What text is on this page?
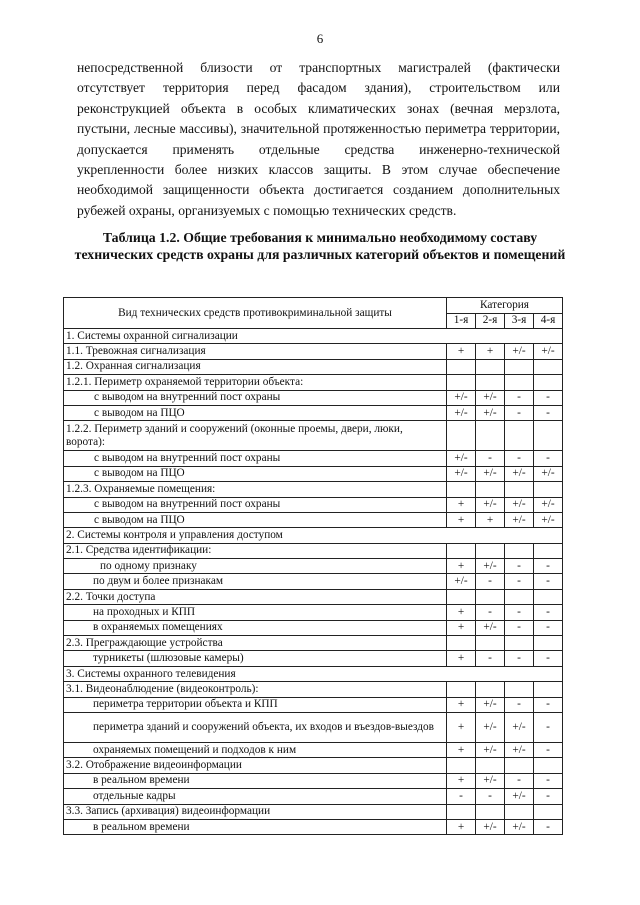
6
непосредственной близости от транспортных магистралей (фактически отсутствует территория перед фасадом здания), строительством или реконструкцией объекта в особых климатических зонах (вечная мерзлота, пустыни, лесные массивы), значительной протяженностью периметра территории, допускается применять отдельные средства инженерно-технической укрепленности более низких классов защиты. В этом случае обеспечение необходимой защищенности объекта достигается созданием дополнительных рубежей охраны, организуемых с помощью технических средств.
Таблица 1.2. Общие требования к минимально необходимому составу технических средств охраны для различных категорий объектов и помещений
Вид технических средств противокриминальной защиты	Категория			
	1-я	2-я	3-я	4-я
1. Системы охранной сигнализации				
1.1. Тревожная сигнализация	+	+	+/-	+/-
1.2. Охранная сигнализация				
1.2.1. Периметр охраняемой территории объекта:				
с выводом на внутренний пост охраны	+/-	+/-	-	-
с выводом на ПЦО	+/-	+/-	-	-
1.2.2. Периметр зданий и сооружений (оконные проемы, двери, люки, ворота):				
с выводом на внутренний пост охраны	+/-	-	-	-
с выводом на ПЦО	+/-	+/-	+/-	+/-
1.2.3. Охраняемые помещения:				
с выводом на внутренний пост охраны	+	+/-	+/-	+/-
с выводом на ПЦО	+	+	+/-	+/-
2. Системы контроля и управления доступом				
2.1. Средства идентификации:				
по одному признаку	+	+/-	-	-
по двум и более признакам	+/-	-	-	-
2.2. Точки доступа				
на проходных и КПП	+	-	-	-
в охраняемых помещениях	+	+/-	-	-
2.3. Преграждающие устройства				
турникеты (шлюзовые камеры)	+	-	-	-
3. Системы охранного телевидения				
3.1. Видеонаблюдение (видеоконтроль):				
периметра территории объекта и КПП	+	+/-	-	-
периметра зданий и сооружений объекта, их входов и въездов-выездов	+	+/-	+/-	-
охраняемых помещений и подходов к ним	+	+/-	+/-	-
3.2. Отображение видеоинформации				
в реальном времени	+	+/-	-	-
отдельные кадры	-	-	+/-	-
3.3. Запись (архивация) видеоинформации				
в реальном времени	+	+/-	+/-	-
